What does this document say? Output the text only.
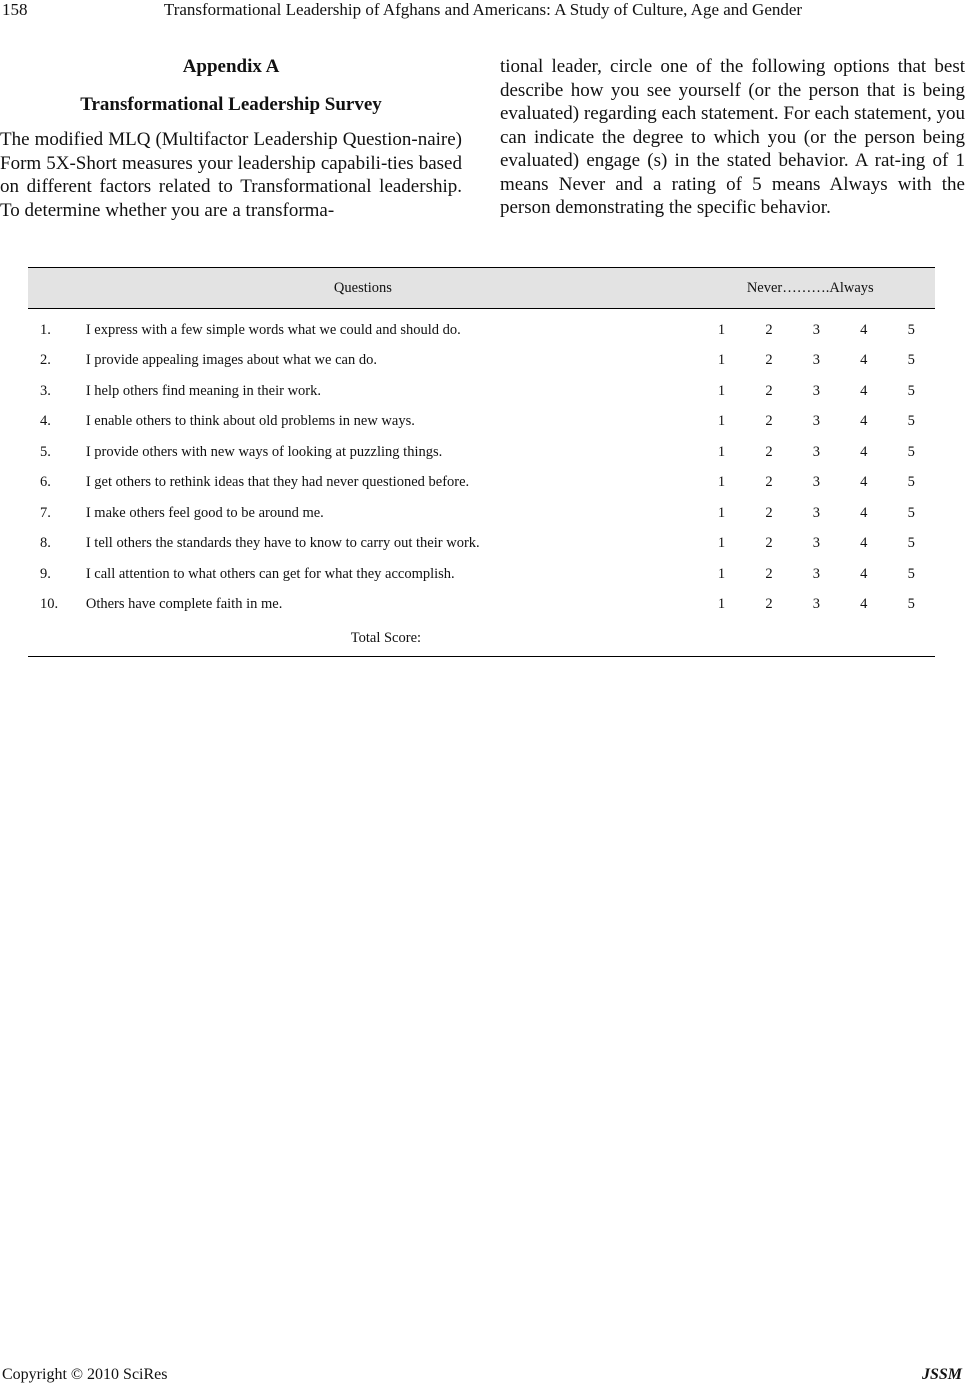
158	Transformational Leadership of Afghans and Americans: A Study of Culture, Age and Gender

Appendix A

Transformational Leadership Survey

The modified MLQ (Multifactor Leadership Question-naire) Form 5X-Short measures your leadership capabili-ties based on different factors related to Transformational leadership. To determine whether you are a transforma-

tional leader, circle one of the following options that best describe how you see yourself (or the person that is being evaluated) regarding each statement. For each statement, you can indicate the degree to which you (or the person being evaluated) engage (s) in the stated behavior. A rat-ing of 1 means Never and a rating of 5 means Always with the person demonstrating the specific behavior.

Questions		Never……….Always				
1.	I express with a few simple words what we could and should do.	1	2	3	4	5
2.	I provide appealing images about what we can do.	1	2	3	4	5
3.	I help others find meaning in their work.	1	2	3	4	5
4.	I enable others to think about old problems in new ways.	1	2	3	4	5
5.	I provide others with new ways of looking at puzzling things.	1	2	3	4	5
6.	I get others to rethink ideas that they had never questioned before.	1	2	3	4	5
7.	I make others feel good to be around me.	1	2	3	4	5
8.	I tell others the standards they have to know to carry out their work.	1	2	3	4	5
9.	I call attention to what others can get for what they accomplish.	1	2	3	4	5
10.	Others have complete faith in me.	1	2	3	4	5
Total Score:						
Copyright © 2010 SciRes	JSSM
